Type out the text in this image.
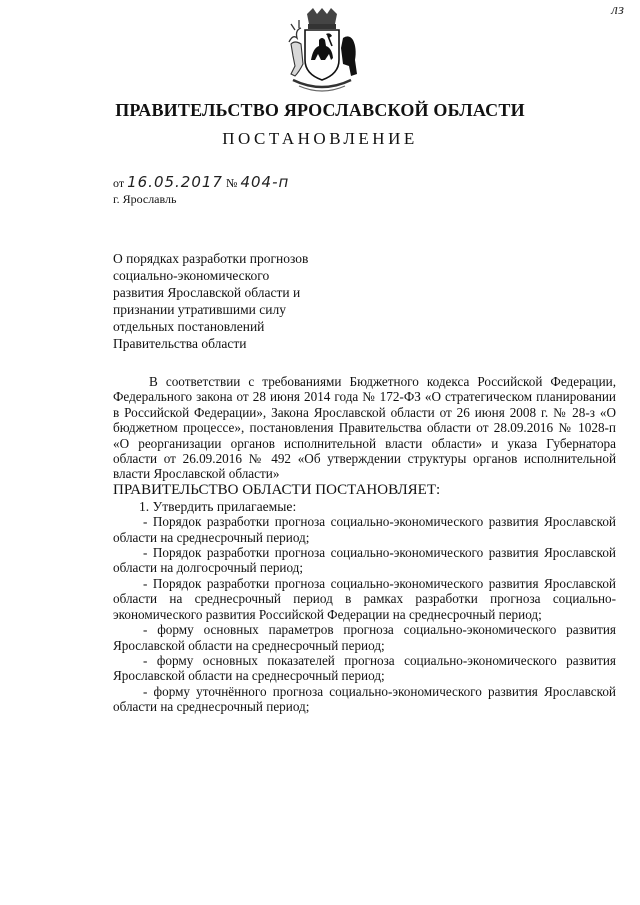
лз
ПРАВИТЕЛЬСТВО ЯРОСЛАВСКОЙ ОБЛАСТИ
ПОСТАНОВЛЕНИЕ
от 16.05.2017 № 404-п
г. Ярославль
О порядках разработки прогнозов
социально-экономического
развития Ярославской области и
признании утратившими силу
отдельных постановлений
Правительства области

В соответствии с требованиями Бюджетного кодекса Российской Федерации, Федерального закона от 28 июня 2014 года № 172-ФЗ «О стратегическом планировании в Российской Федерации», Закона Ярославской области от 26 июня 2008 г. № 28-з «О бюджетном процессе», постановления Правительства области от 28.09.2016 № 1028-п «О реорганизации органов исполнительной власти области» и указа Губернатора области от 26.09.2016 № 492 «Об утверждении структуры органов исполнительной власти Ярославской области»

ПРАВИТЕЛЬСТВО ОБЛАСТИ ПОСТАНОВЛЯЕТ:

1. Утвердить прилагаемые:

- Порядок разработки прогноза социально-экономического развития Ярославской области на среднесрочный период;

- Порядок разработки прогноза социально-экономического развития Ярославской области на долгосрочный период;

- Порядок разработки прогноза социально-экономического развития Ярославской области на среднесрочный период в рамках разработки прогноза социально-экономического развития Российской Федерации на среднесрочный период;

- форму основных параметров прогноза социально-экономического развития Ярославской области на среднесрочный период;

- форму основных показателей прогноза социально-экономического развития Ярославской области на среднесрочный период;

- форму уточнённого прогноза социально-экономического развития Ярославской области на среднесрочный период;
